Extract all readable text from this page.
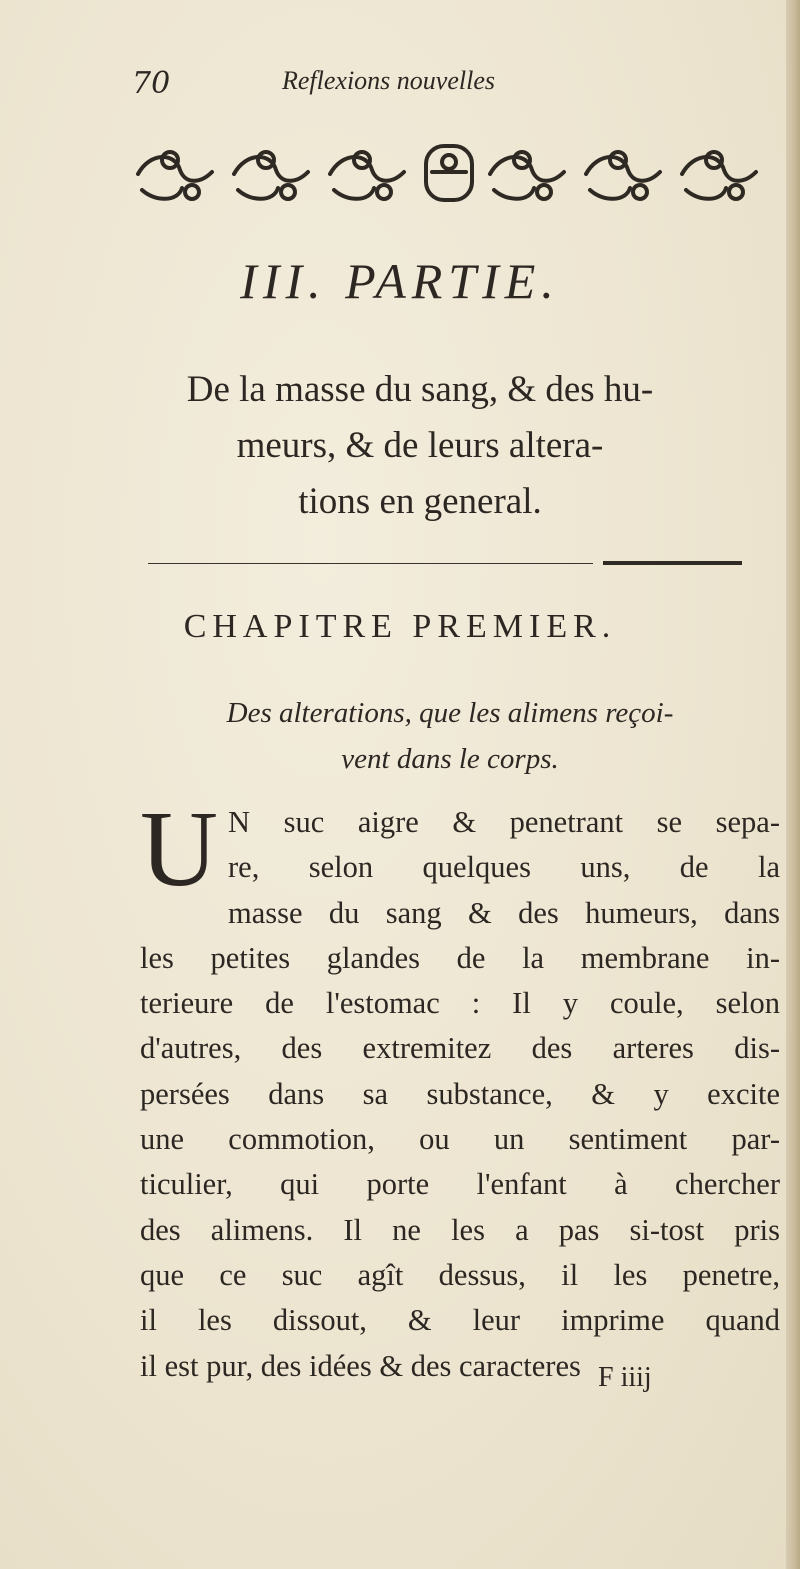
70	Reflexions nouvelles
III. PARTIE.
De la masse du sang, & des hu-
meurs, & de leurs altera-
tions en general.
CHAPITRE PREMIER.
Des alterations, que les alimens reçoi-
vent dans le corps.
U N suc aigre & penetrant se sepa-
re, selon quelques uns, de la
masse du sang & des humeurs, dans
les petites glandes de la membrane in-
terieure de l'estomac : Il y coule, selon
d'autres, des extremitez des arteres dis-
persées dans sa substance, & y excite
une commotion, ou un sentiment par-
ticulier, qui porte l'enfant à chercher
des alimens. Il ne les a pas si-tost pris
que ce suc agît dessus, il les penetre,
il les dissout, & leur imprime quand
il est pur, des idées & des caracteres F iiij
